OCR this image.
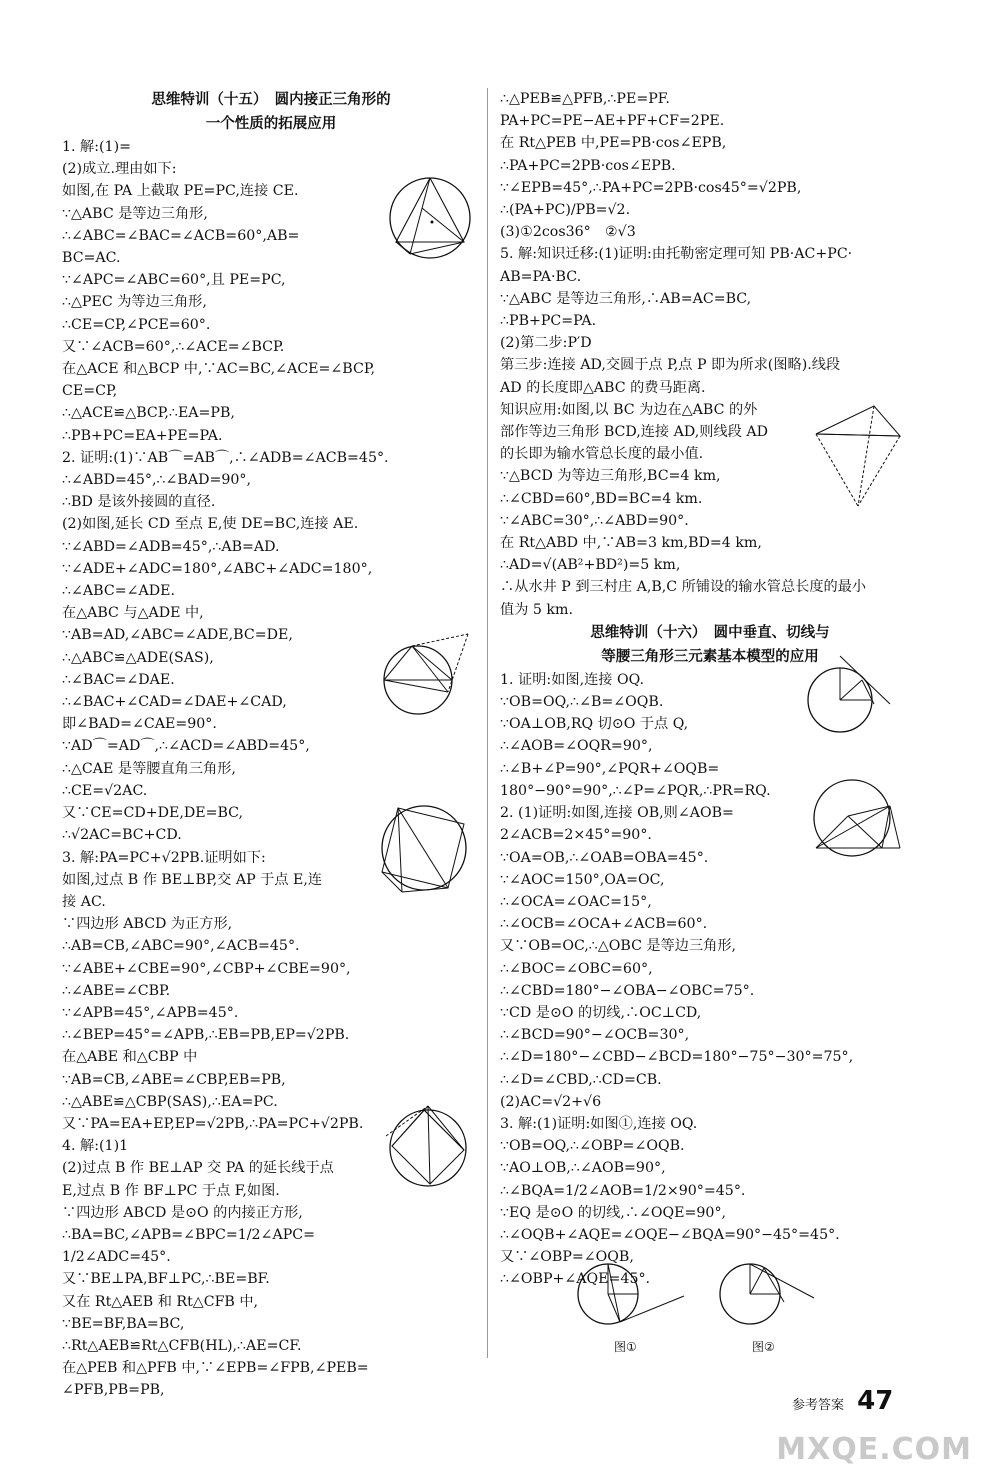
思维特训（十五）　圆内接正三角形的
一个性质的拓展应用
1. 解:(1)=
(2)成立.理由如下:
如图,在 PA 上截取 PE=PC,连接 CE.
∵△ABC 是等边三角形,
∴∠ABC=∠BAC=∠ACB=60°,AB=
BC=AC.
∵∠APC=∠ABC=60°,且 PE=PC,
∴△PEC 为等边三角形,
∴CE=CP,∠PCE=60°.
又∵∠ACB=60°,∴∠ACE=∠BCP.
在△ACE 和△BCP 中,∵AC=BC,∠ACE=∠BCP,
CE=CP,
∴△ACE≌△BCP,∴EA=PB,
∴PB+PC=EA+PE=PA.
2. 证明:(1)∵AB⌒=AB⌒,∴∠ADB=∠ACB=45°.
∴∠ABD=45°,∴∠BAD=90°,
∴BD 是该外接圆的直径.
(2)如图,延长 CD 至点 E,使 DE=BC,连接 AE.
∵∠ABD=∠ADB=45°,∴AB=AD.
∵∠ADE+∠ADC=180°,∠ABC+∠ADC=180°,
∴∠ABC=∠ADE.
在△ABC 与△ADE 中,
∵AB=AD,∠ABC=∠ADE,BC=DE,
∴△ABC≌△ADE(SAS),
∴∠BAC=∠DAE.
∴∠BAC+∠CAD=∠DAE+∠CAD,
即∠BAD=∠CAE=90°.
∵AD⌒=AD⌒,∴∠ACD=∠ABD=45°,
∴△CAE 是等腰直角三角形,
∴CE=√2AC.
又∵CE=CD+DE,DE=BC,
∴√2AC=BC+CD.
3. 解:PA=PC+√2PB.证明如下:
如图,过点 B 作 BE⊥BP,交 AP 于点 E,连
接 AC.
∵四边形 ABCD 为正方形,
∴AB=CB,∠ABC=90°,∠ACB=45°.
∵∠ABE+∠CBE=90°,∠CBP+∠CBE=90°,
∴∠ABE=∠CBP.
∵∠APB=45°,∠APB=45°.
∴∠BEP=45°=∠APB,∴EB=PB,EP=√2PB.
在△ABE 和△CBP 中
∵AB=CB,∠ABE=∠CBP,EB=PB,
∴△ABE≌△CBP(SAS),∴EA=PC.
又∵PA=EA+EP,EP=√2PB,∴PA=PC+√2PB.
4. 解:(1)1
(2)过点 B 作 BE⊥AP 交 PA 的延长线于点
E,过点 B 作 BF⊥PC 于点 F,如图.
∵四边形 ABCD 是⊙O 的内接正方形,
∴BA=BC,∠APB=∠BPC=1/2∠APC=
1/2∠ADC=45°.
又∵BE⊥PA,BF⊥PC,∴BE=BF.
又在 Rt△AEB 和 Rt△CFB 中,
∵BE=BF,BA=BC,
∴Rt△AEB≌Rt△CFB(HL),∴AE=CF.
在△PEB 和△PFB 中,∵∠EPB=∠FPB,∠PEB=
∠PFB,PB=PB,
∴△PEB≌△PFB,∴PE=PF.
PA+PC=PE−AE+PF+CF=2PE.
在 Rt△PEB 中,PE=PB·cos∠EPB,
∴PA+PC=2PB·cos∠EPB.
∵∠EPB=45°,∴PA+PC=2PB·cos45°=√2PB,
∴(PA+PC)/PB=√2.
(3)①2cos36°　②√3
5. 解:知识迁移:(1)证明:由托勒密定理可知 PB·AC+PC·
AB=PA·BC.
∵△ABC 是等边三角形,∴AB=AC=BC,
∴PB+PC=PA.
(2)第二步:P′D
第三步:连接 AD,交圆于点 P,点 P 即为所求(图略).线段
AD 的长度即△ABC 的费马距离.
知识应用:如图,以 BC 为边在△ABC 的外
部作等边三角形 BCD,连接 AD,则线段 AD
的长即为输水管总长度的最小值.
∵△BCD 为等边三角形,BC=4 km,
∴∠CBD=60°,BD=BC=4 km.
∵∠ABC=30°,∴∠ABD=90°.
在 Rt△ABD 中,∵AB=3 km,BD=4 km,
∴AD=√(AB²+BD²)=5 km,
∴从水井 P 到三村庄 A,B,C 所铺设的输水管总长度的最小
值为 5 km.
思维特训（十六）　圆中垂直、切线与
等腰三角形三元素基本模型的应用
1. 证明:如图,连接 OQ.
∵OB=OQ,∴∠B=∠OQB.
∵OA⊥OB,RQ 切⊙O 于点 Q,
∴∠AOB=∠OQR=90°,
∴∠B+∠P=90°,∠PQR+∠OQB=
180°−90°=90°,∴∠P=∠PQR,∴PR=RQ.
2. (1)证明:如图,连接 OB,则∠AOB=
2∠ACB=2×45°=90°.
∵OA=OB,∴∠OAB=OBA=45°.
∵∠AOC=150°,OA=OC,
∴∠OCA=∠OAC=15°,
∴∠OCB=∠OCA+∠ACB=60°.
又∵OB=OC,∴△OBC 是等边三角形,
∴∠BOC=∠OBC=60°,
∴∠CBD=180°−∠OBA−∠OBC=75°.
∵CD 是⊙O 的切线,∴OC⊥CD,
∴∠BCD=90°−∠OCB=30°,
∴∠D=180°−∠CBD−∠BCD=180°−75°−30°=75°,
∴∠D=∠CBD,∴CD=CB.
(2)AC=√2+√6
3. 解:(1)证明:如图①,连接 OQ.
∵OB=OQ,∴∠OBP=∠OQB.
∵AO⊥OB,∴∠AOB=90°,
∴∠BQA=1/2∠AOB=1/2×90°=45°.
∵EQ 是⊙O 的切线,∴∠OQE=90°,
∴∠OQB+∠AQE=∠OQE−∠BQA=90°−45°=45°.
又∵∠OBP=∠OQB,
∴∠OBP+∠AQE=45°.
图①	图②
参考答案 47
MXQE.COM
